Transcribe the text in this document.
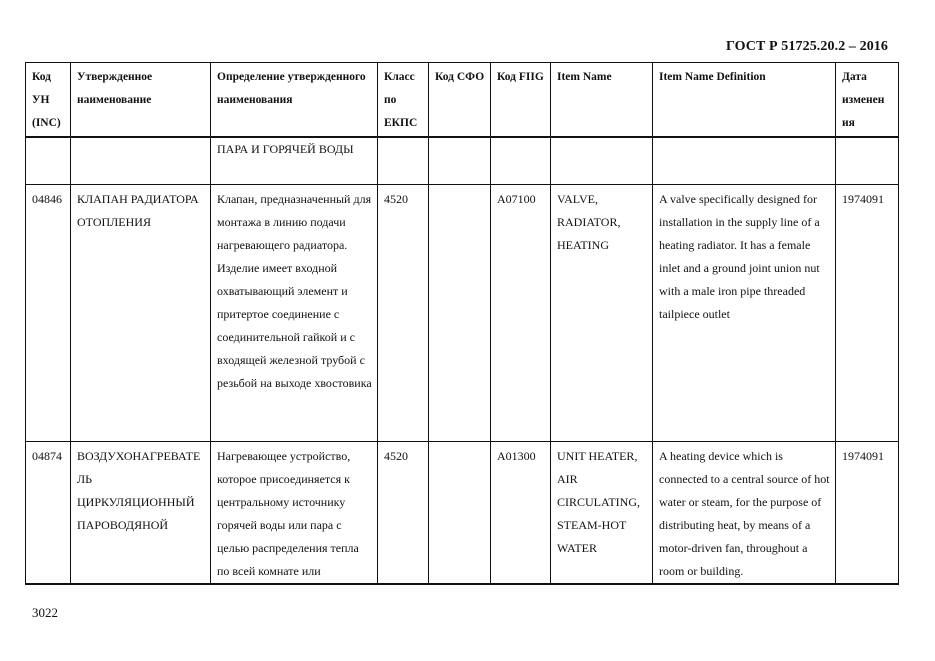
ГОСТ Р 51725.20.2 – 2016
Код УН (INC)	Утвержденное наименование	Определение утвержденного наименования	Класс по ЕКПС	Код СФО	Код FIIG	Item Name	Item Name Definition	Дата изменен ия
		ПАРА И ГОРЯЧЕЙ ВОДЫ						
04846	КЛАПАН РАДИАТОРА ОТОПЛЕНИЯ	Клапан, предназначенный для монтажа в линию подачи нагревающего радиатора. Изделие имеет входной охватывающий элемент и притертое соединение с соединительной гайкой и с входящей железной трубой с резьбой на выходе хвостовика	4520		A07100	VALVE, RADIATOR, HEATING	A valve specifically designed for installation in the supply line of a heating radiator. It has a female inlet and a ground joint union nut with a male iron pipe threaded tailpiece outlet	1974091
04874	ВОЗДУХОНАГРЕВАТЕЛЬ ЦИРКУЛЯЦИОННЫЙ ПАРОВОДЯНОЙ	Нагревающее устройство, которое присоединяется к центральному источнику горячей воды или пара с целью распределения тепла по всей комнате или	4520		A01300	UNIT HEATER, AIR CIRCULATING, STEAM-HOT WATER	A heating device which is connected to a central source of hot water or steam, for the purpose of distributing heat, by means of a motor-driven fan, throughout a room or building.	1974091
3022
